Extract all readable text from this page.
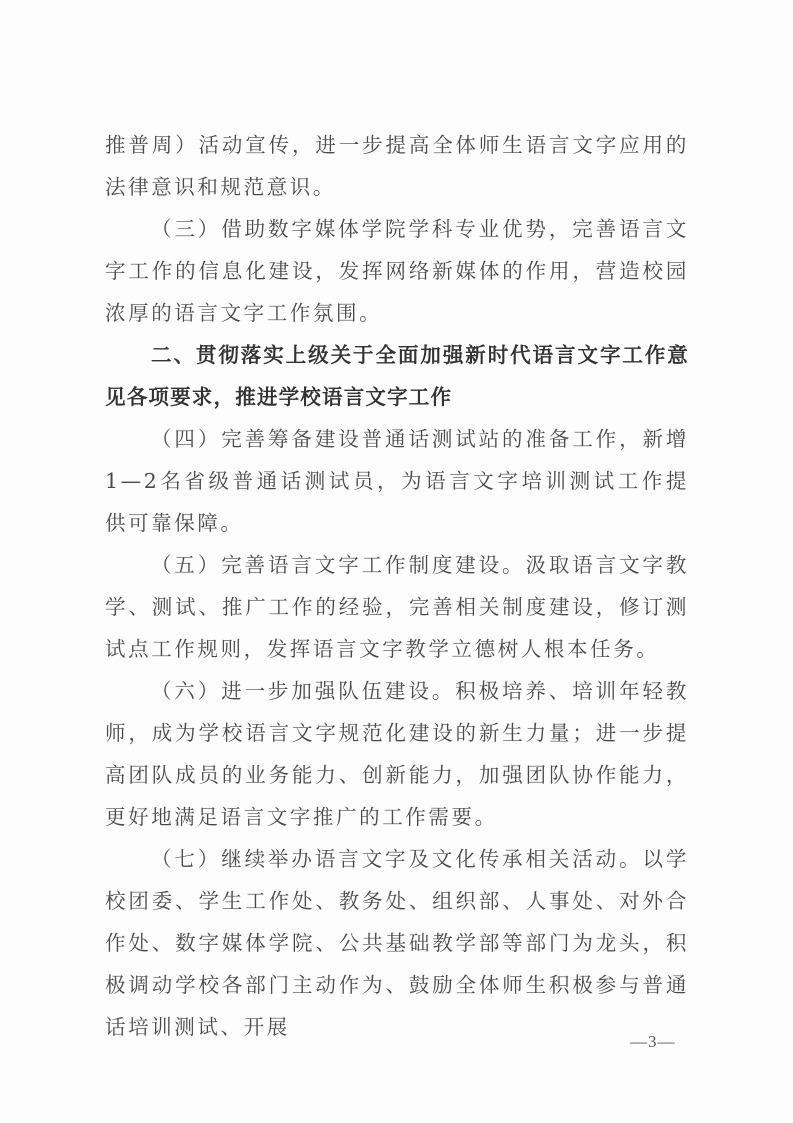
推普周）活动宣传，进一步提高全体师生语言文字应用的法律意识和规范意识。

（三）借助数字媒体学院学科专业优势，完善语言文字工作的信息化建设，发挥网络新媒体的作用，营造校园浓厚的语言文字工作氛围。

二、贯彻落实上级关于全面加强新时代语言文字工作意见各项要求，推进学校语言文字工作

（四）完善筹备建设普通话测试站的准备工作，新增1—2名省级普通话测试员，为语言文字培训测试工作提供可靠保障。

（五）完善语言文字工作制度建设。汲取语言文字教学、测试、推广工作的经验，完善相关制度建设，修订测试点工作规则，发挥语言文字教学立德树人根本任务。

（六）进一步加强队伍建设。积极培养、培训年轻教师，成为学校语言文字规范化建设的新生力量；进一步提高团队成员的业务能力、创新能力，加强团队协作能力，更好地满足语言文字推广的工作需要。

（七）继续举办语言文字及文化传承相关活动。以学校团委、学生工作处、教务处、组织部、人事处、对外合作处、数字媒体学院、公共基础教学部等部门为龙头，积极调动学校各部门主动作为、鼓励全体师生积极参与普通话培训测试、开展

—3—
